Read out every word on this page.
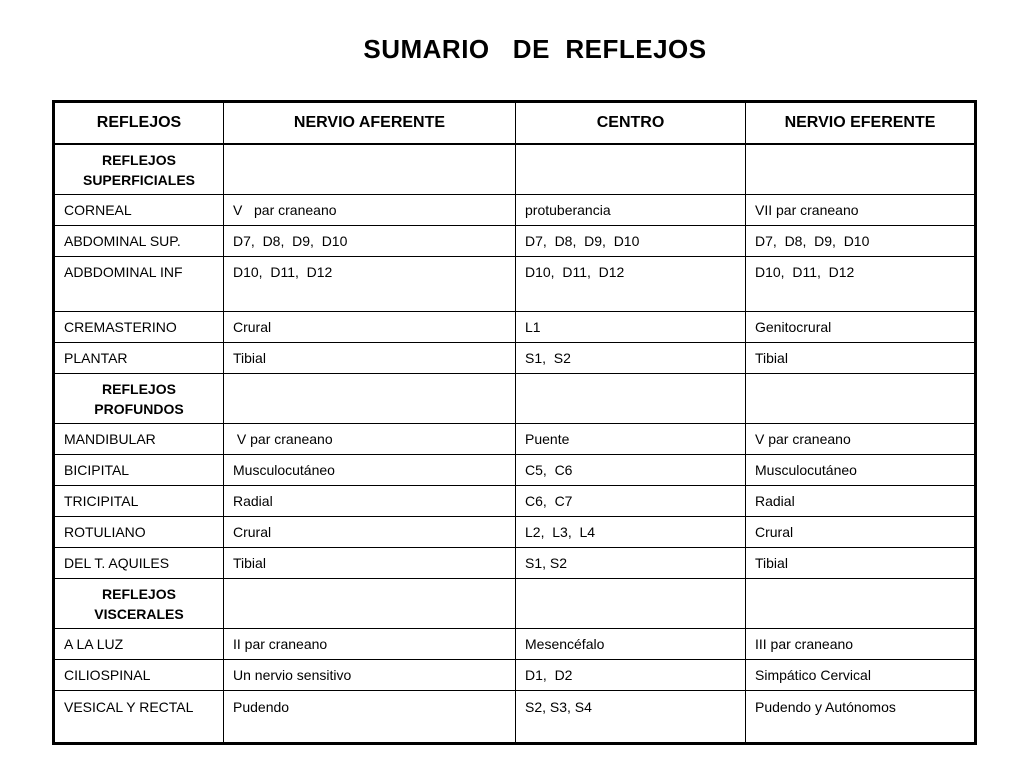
SUMARIO   DE  REFLEJOS
REFLEJOS	NERVIO AFERENTE	CENTRO	NERVIO EFERENTE
REFLEJOS SUPERFICIALES			
CORNEAL	V   par craneano	protuberancia	VII par craneano
ABDOMINAL SUP.	D7,  D8,  D9,  D10	D7,  D8,  D9,  D10	D7,  D8,  D9,  D10
ADBDOMINAL INF	D10,  D11,  D12	D10,  D11,  D12	D10,  D11,  D12
CREMASTERINO	Crural	L1	Genitocrural
PLANTAR	Tibial	S1,  S2	Tibial
REFLEJOS PROFUNDOS			
MANDIBULAR	V par craneano	Puente	V par craneano
BICIPITAL	Musculocutáneo	C5,  C6	Musculocutáneo
TRICIPITAL	Radial	C6,  C7	Radial
ROTULIANO	Crural	L2,  L3,  L4	Crural
DEL T. AQUILES	Tibial	S1, S2	Tibial
REFLEJOS VISCERALES			
A LA LUZ	II par craneano	Mesencéfalo	III par craneano
CILIOSPINAL	Un nervio sensitivo	D1,  D2	Simpático Cervical
VESICAL Y RECTAL	Pudendo	S2, S3, S4	Pudendo y Autónomos
